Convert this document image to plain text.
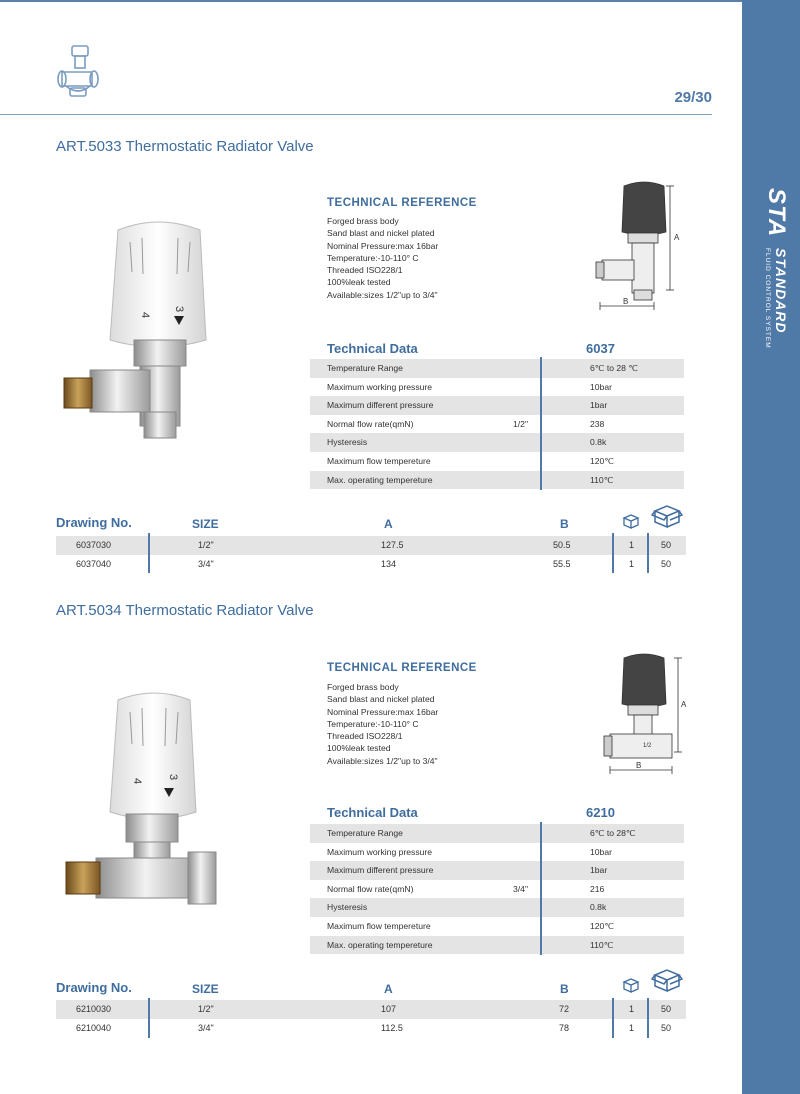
STA
STANDARD
FLUID CONTROL SYSTEM
29/30
ART.5033 Thermostatic Radiator Valve
4
3
TECHNICAL REFERENCE
Forged brass body
Sand blast and nickel plated
Nominal Pressure:max 16bar
Temperature:-10-110° C
Threaded ISO228/1
100%leak tested
Available:sizes 1/2"up to 3/4"
A
B
Technical Data	6037
Temperature Range	6℃ to 28 ℃
Maximum working pressure	10bar
Maximum different pressure	1bar
Normal flow rate(qmN)	1/2"	238
Hysteresis	0.8k
Maximum flow tempereture	120℃
Max. operating tempereture	110℃
Drawing No.	SIZE	A	B
6037030	1/2"	127.5	50.5	1	50
6037040	3/4"	134	55.5	1	50
ART.5034 Thermostatic Radiator Valve
4
3
TECHNICAL REFERENCE
Forged brass body
Sand blast and nickel plated
Nominal Pressure:max 16bar
Temperature:-10-110° C
Threaded ISO228/1
100%leak tested
Available:sizes 1/2"up to 3/4"
1/2
A
B
Technical Data	6210
Temperature Range	6℃ to 28℃
Maximum working pressure	10bar
Maximum different pressure	1bar
Normal flow rate(qmN)	3/4"	216
Hysteresis	0.8k
Maximum flow tempereture	120℃
Max. operating tempereture	110℃
Drawing No.	SIZE	A	B
6210030	1/2"	107	72	1	50
6210040	3/4"	112.5	78	1	50
